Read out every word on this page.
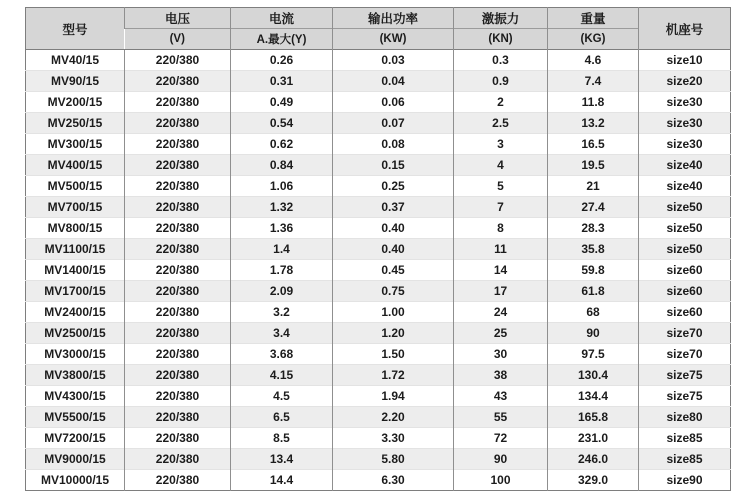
型号	电压	电流	输出功率	激振力	重量	机座号
	(V)	A.最大(Y)	(KW)	(KN)	(KG)	
MV40/15	220/380	0.26	0.03	0.3	4.6	size10
MV90/15	220/380	0.31	0.04	0.9	7.4	size20
MV200/15	220/380	0.49	0.06	2	11.8	size30
MV250/15	220/380	0.54	0.07	2.5	13.2	size30
MV300/15	220/380	0.62	0.08	3	16.5	size30
MV400/15	220/380	0.84	0.15	4	19.5	size40
MV500/15	220/380	1.06	0.25	5	21	size40
MV700/15	220/380	1.32	0.37	7	27.4	size50
MV800/15	220/380	1.36	0.40	8	28.3	size50
MV1100/15	220/380	1.4	0.40	11	35.8	size50
MV1400/15	220/380	1.78	0.45	14	59.8	size60
MV1700/15	220/380	2.09	0.75	17	61.8	size60
MV2400/15	220/380	3.2	1.00	24	68	size60
MV2500/15	220/380	3.4	1.20	25	90	size70
MV3000/15	220/380	3.68	1.50	30	97.5	size70
MV3800/15	220/380	4.15	1.72	38	130.4	size75
MV4300/15	220/380	4.5	1.94	43	134.4	size75
MV5500/15	220/380	6.5	2.20	55	165.8	size80
MV7200/15	220/380	8.5	3.30	72	231.0	size85
MV9000/15	220/380	13.4	5.80	90	246.0	size85
MV10000/15	220/380	14.4	6.30	100	329.0	size90
